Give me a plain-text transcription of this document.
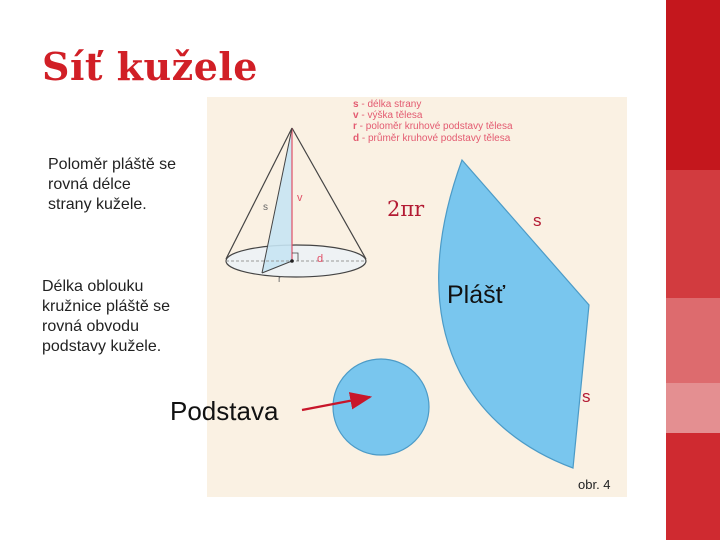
Síť kužele
Poloměr pláště se
rovná délce
strany kužele.
Délka oblouku
kružnice pláště se
rovná obvodu
podstavy kužele.
Podstava
s - délka strany
v - výška tělesa
r - poloměr kruhové podstavy tělesa
d - průměr kruhové podstavy tělesa
s
v
r
d
2πr	s
Plášť
s
obr. 4
